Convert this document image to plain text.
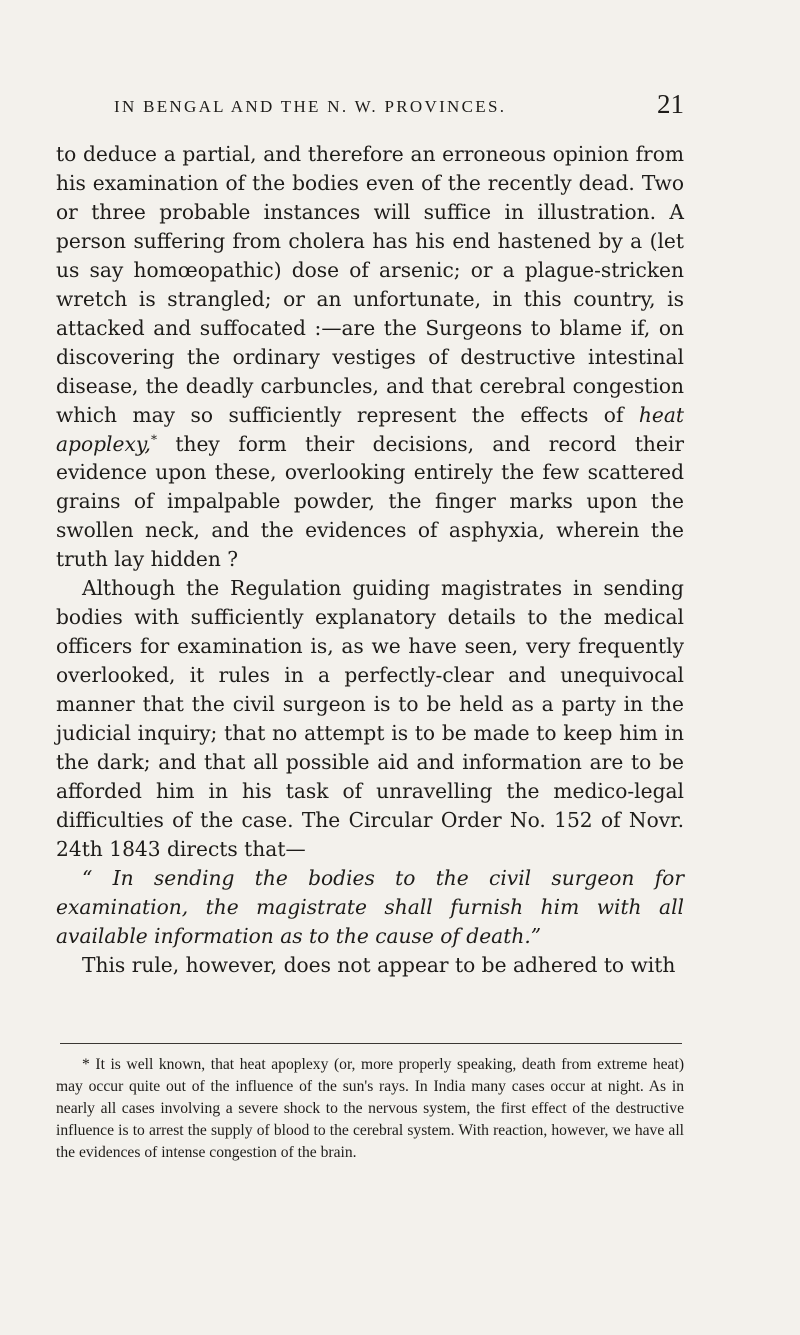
IN BENGAL AND THE N. W. PROVINCES.	21

to deduce a partial, and therefore an erroneous opinion from his examination of the bodies even of the recently dead. Two or three probable instances will suffice in illustration. A person suffering from cholera has his end hastened by a (let us say homœopathic) dose of arsenic; or a plague-stricken wretch is strangled; or an unfortunate, in this country, is attacked and suffocated :—are the Surgeons to blame if, on discovering the ordinary vestiges of destructive intestinal disease, the deadly carbuncles, and that cerebral congestion which may so sufficiently represent the effects of heat apoplexy,* they form their decisions, and record their evidence upon these, overlooking entirely the few scattered grains of impalpable powder, the finger marks upon the swollen neck, and the evidences of asphyxia, wherein the truth lay hidden ?

Although the Regulation guiding magistrates in sending bodies with sufficiently explanatory details to the medical officers for examination is, as we have seen, very frequently overlooked, it rules in a perfectly-clear and unequivocal manner that the civil surgeon is to be held as a party in the judicial inquiry; that no attempt is to be made to keep him in the dark; and that all possible aid and information are to be afforded him in his task of unravelling the medico-legal difficulties of the case. The Circular Order No. 152 of Novr. 24th 1843 directs that—

“ In sending the bodies to the civil surgeon for examination, the magistrate shall furnish him with all available information as to the cause of death.”

This rule, however, does not appear to be adhered to with

* It is well known, that heat apoplexy (or, more properly speaking, death from extreme heat) may occur quite out of the influence of the sun's rays. In India many cases occur at night. As in nearly all cases involving a severe shock to the nervous system, the first effect of the destructive influence is to arrest the supply of blood to the cerebral system. With reaction, however, we have all the evidences of intense congestion of the brain.
